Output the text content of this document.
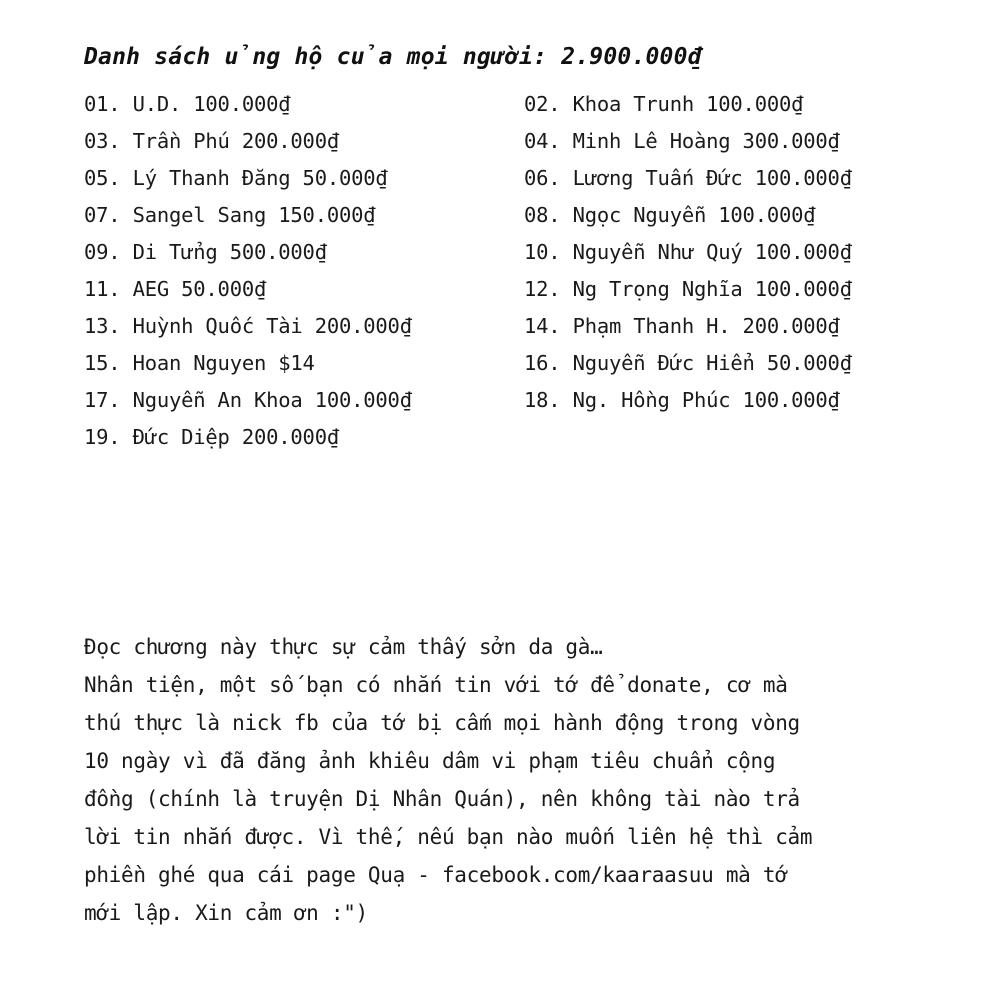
Danh sách ủng hộ của mọi người: 2.900.000₫
01. U.D. 100.000₫
03. Trần Phú 200.000₫
05. Lý Thanh Đăng 50.000₫
07. Sangel Sang 150.000₫
09. Di Tửng 500.000₫
11. AEG 50.000₫
13. Huỳnh Quốc Tài 200.000₫
15. Hoan Nguyen $14
17. Nguyễn An Khoa 100.000₫
19. Đức Diệp 200.000₫
02. Khoa Trunh 100.000₫
04. Minh Lê Hoàng 300.000₫
06. Lương Tuấn Đức 100.000₫
08. Ngọc Nguyễn 100.000₫
10. Nguyễn Như Quý 100.000₫
12. Ng Trọng Nghĩa 100.000₫
14. Phạm Thanh H. 200.000₫
16. Nguyễn Đức Hiển 50.000₫
18. Ng. Hồng Phúc 100.000₫

Đọc chương này thực sự cảm thấy sởn da gà…
Nhân tiện, một số bạn có nhắn tin với tớ để donate, cơ mà
thú thực là nick fb của tớ bị cấm mọi hành động trong vòng
10 ngày vì đã đăng ảnh khiêu dâm vi phạm tiêu chuẩn cộng
đồng (chính là truyện Dị Nhân Quán), nên không tài nào trả
lời tin nhắn được. Vì thế, nếu bạn nào muốn liên hệ thì cảm
phiền ghé qua cái page Quạ - facebook.com/kaaraasuu mà tớ
mới lập. Xin cảm ơn :")
